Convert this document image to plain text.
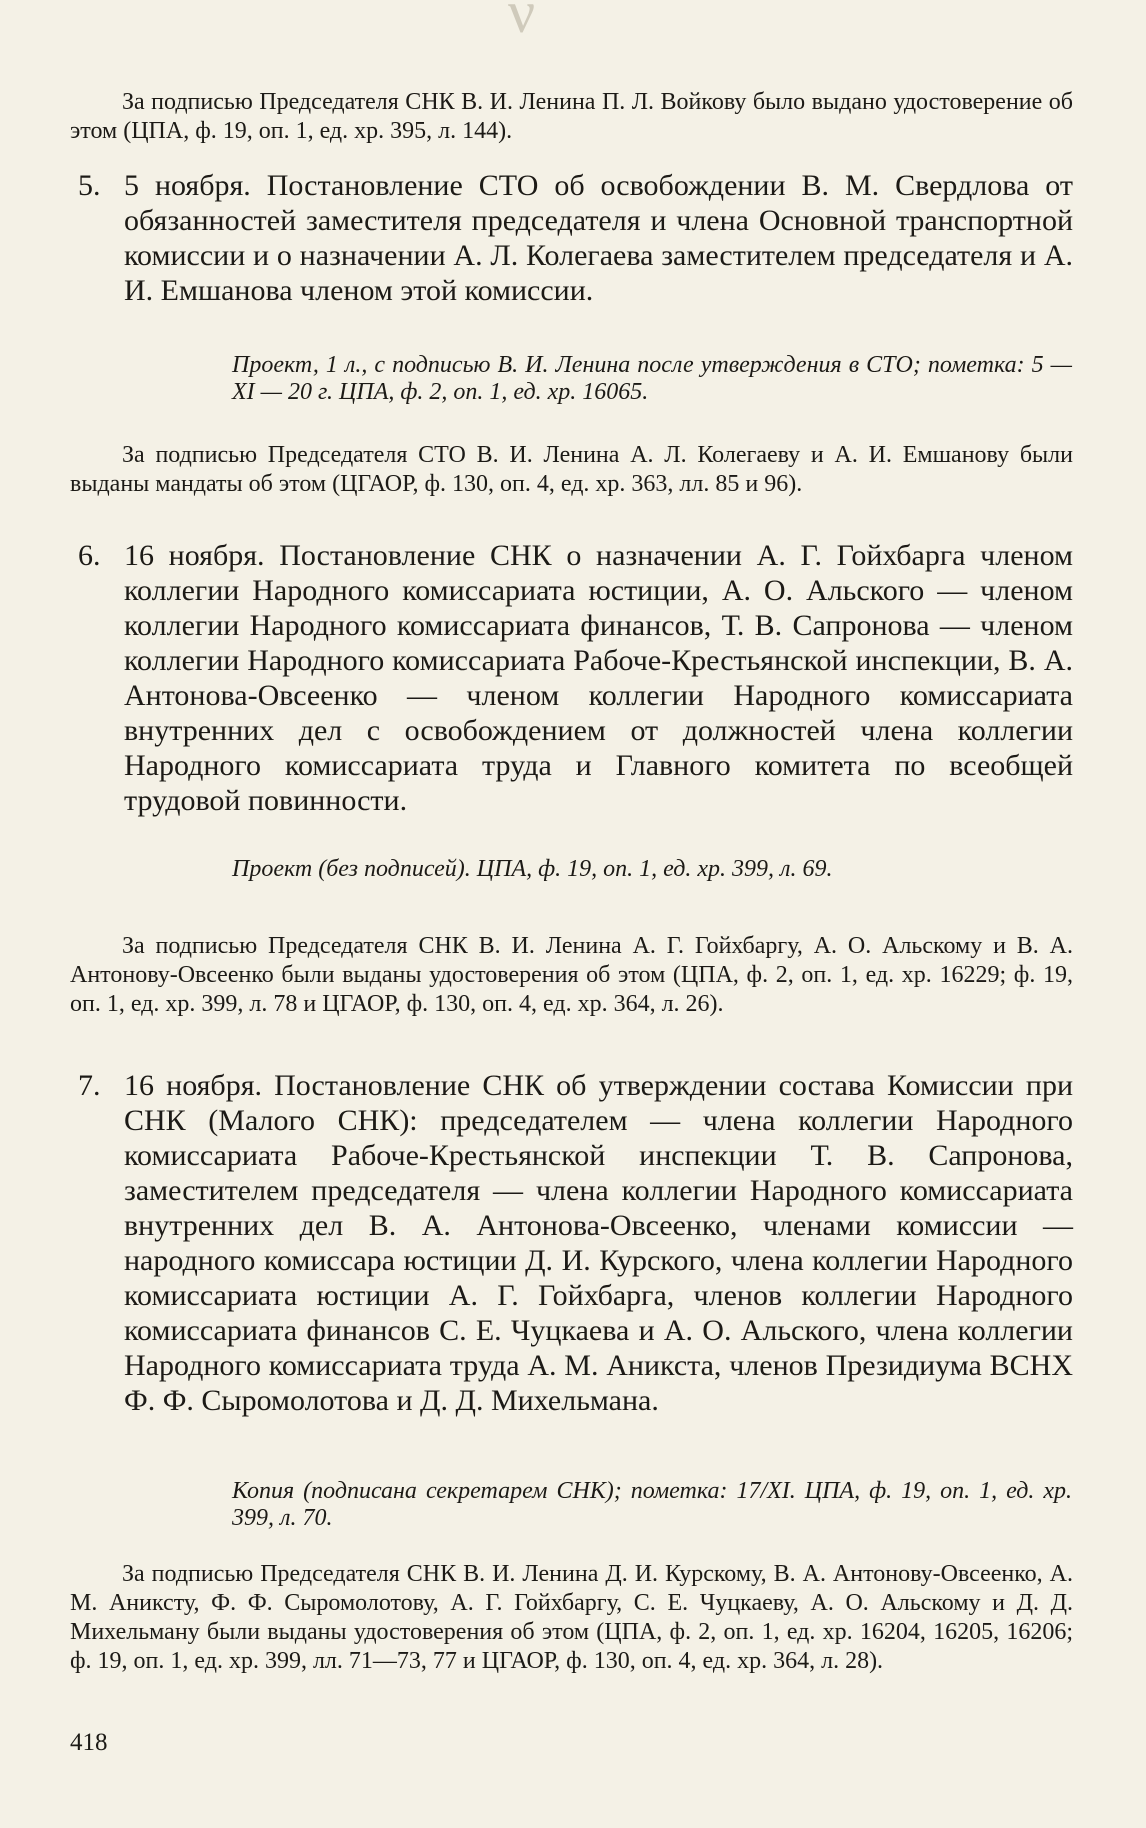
ν

За подписью Председателя СНК В. И. Ленина П. Л. Войкову было выдано удостоверение об этом (ЦПА, ф. 19, оп. 1, ед. хр. 395, л. 144).

5. 5 ноября. Постановление СТО об освобождении В. М. Свердлова от обязанностей заместителя председателя и члена Основной транспортной комиссии и о назначении А. Л. Колегаева заместителем председателя и А. И. Емшанова членом этой комиссии.

Проект, 1 л., с подписью В. И. Ленина после утверждения в СТО; пометка: 5 — XI — 20 г. ЦПА, ф. 2, оп. 1, ед. хр. 16065.

За подписью Председателя СТО В. И. Ленина А. Л. Колегаеву и А. И. Емшанову были выданы мандаты об этом (ЦГАОР, ф. 130, оп. 4, ед. хр. 363, лл. 85 и 96).

6. 16 ноября. Постановление СНК о назначении А. Г. Гойхбарга членом коллегии Народного комиссариата юстиции, А. О. Альского — членом коллегии Народного комиссариата финансов, Т. В. Сапронова — членом коллегии Народного комиссариата Рабоче-Крестьянской инспекции, В. А. Антонова-Овсеенко — членом коллегии Народного комиссариата внутренних дел с освобождением от должностей члена коллегии Народного комиссариата труда и Главного комитета по всеобщей трудовой повинности.

Проект (без подписей). ЦПА, ф. 19, оп. 1, ед. хр. 399, л. 69.

За подписью Председателя СНК В. И. Ленина А. Г. Гойхбаргу, А. О. Альскому и В. А. Антонову-Овсеенко были выданы удостоверения об этом (ЦПА, ф. 2, оп. 1, ед. хр. 16229; ф. 19, оп. 1, ед. хр. 399, л. 78 и ЦГАОР, ф. 130, оп. 4, ед. хр. 364, л. 26).

7. 16 ноября. Постановление СНК об утверждении состава Комиссии при СНК (Малого СНК): председателем — члена коллегии Народного комиссариата Рабоче-Крестьянской инспекции Т. В. Сапронова, заместителем председателя — члена коллегии Народного комиссариата внутренних дел В. А. Антонова-Овсеенко, членами комиссии — народного комиссара юстиции Д. И. Курского, члена коллегии Народного комиссариата юстиции А. Г. Гойхбарга, членов коллегии Народного комиссариата финансов С. Е. Чуцкаева и А. О. Альского, члена коллегии Народного комиссариата труда А. М. Аникста, членов Президиума ВСНХ Ф. Ф. Сыромолотова и Д. Д. Михельмана.

Копия (подписана секретарем СНК); пометка: 17/XI. ЦПА, ф. 19, оп. 1, ед. хр. 399, л. 70.

За подписью Председателя СНК В. И. Ленина Д. И. Курскому, В. А. Антонову-Овсеенко, А. М. Аниксту, Ф. Ф. Сыромолотову, А. Г. Гойхбаргу, С. Е. Чуцкаеву, А. О. Альскому и Д. Д. Михельману были выданы удостоверения об этом (ЦПА, ф. 2, оп. 1, ед. хр. 16204, 16205, 16206; ф. 19, оп. 1, ед. хр. 399, лл. 71—73, 77 и ЦГАОР, ф. 130, оп. 4, ед. хр. 364, л. 28).

418
